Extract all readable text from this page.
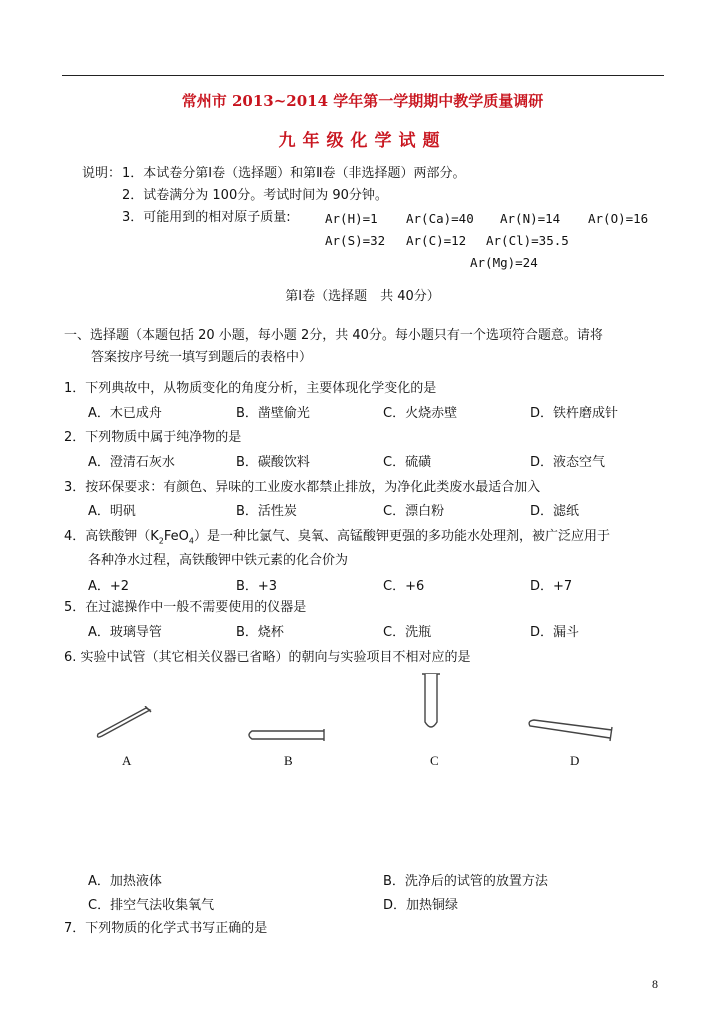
常州市 2013~2014 学年第一学期期中教学质量调研
九年级化学试题
说明： 1．本试卷分第Ⅰ卷（选择题）和第Ⅱ卷（非选择题）两部分。
2．试卷满分为 100分。考试时间为 90分钟。
3．可能用到的相对原子质量:	Ar(H)=1 Ar(Ca)=40 Ar(N)=14 Ar(O)=16
Ar(S)=32 Ar(C)=12 Ar(Cl)=35.5
Ar(Mg)=24
第Ⅰ卷（选择题　共 40分）
一、选择题（本题包括 20 小题，每小题 2分，共 40分。每小题只有一个选项符合题意。请将
答案按序号统一填写到题后的表格中）
1．下列典故中，从物质变化的角度分析，主要体现化学变化的是
A．木已成舟	B．凿壁偷光	C．火烧赤壁	D．铁杵磨成针
2．下列物质中属于纯净物的是
A．澄清石灰水	B．碳酸饮料	C．硫磺	D．液态空气
3．按环保要求：有颜色、异味的工业废水都禁止排放，为净化此类废水最适合加入
A．明矾	B．活性炭	C．漂白粉	D．滤纸
4．高铁酸钾$(K_2FeO_4)$是一种比氯气、臭氧、高锰酸钾更强的多功能水处理剂，被广泛应用于
各种净水过程，高铁酸钾中铁元素的化合价为
A．+2	B．+3	C．+6	D．+7
5．在过滤操作中一般不需要使用的仪器是
A．玻璃导管	B．烧杯	C．洗瓶	D．漏斗
6. 实验中试管（其它相关仪器已省略）的朝向与实验项目不相对应的是
A	B	C	D
A．加热液体	B．洗净后的试管的放置方法
C．排空气法收集氧气	D．加热铜绿
7．下列物质的化学式书写正确的是
8
